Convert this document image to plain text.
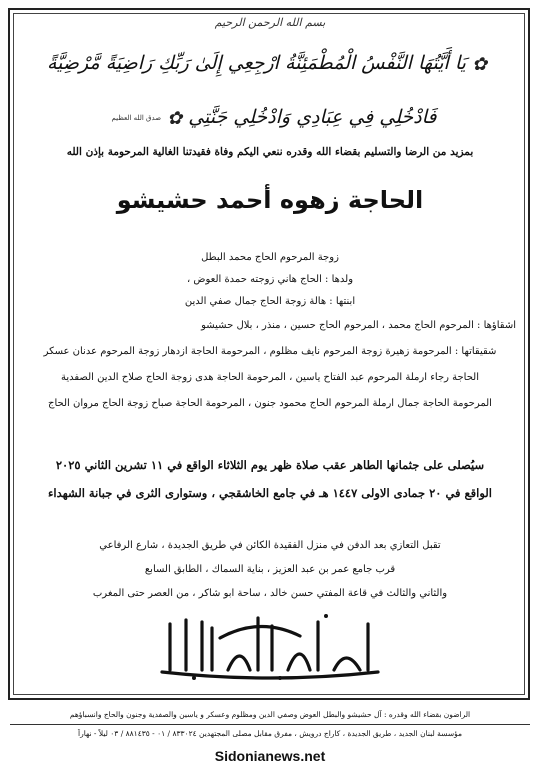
بسم الله الرحمن الرحيم
✿يَا أَيَّتُهَا النَّفْسُ الْمُطْمَئِنَّةُ ارْجِعِي إِلَىٰ رَبِّكِ رَاضِيَةً مَّرْضِيَّةً
فَادْخُلِي فِي عِبَادِي وَادْخُلِي جَنَّتِي✿صدق الله العظيم
بمزيد من الرضا والتسليم بقضاء الله وقدره ننعي اليكم وفاة فقيدتنا الغالية المرحومة بإذن الله
الحاجة زهوه أحمد حشيشو
زوجة المرحوم الحاج محمد البطل
ولدها : الحاج هاني زوجته حمدة العوض ،
ابنتها : هالة زوجة الحاج جمال صفي الدين
اشقاؤها : المرحوم الحاج محمد ، المرحوم الحاج حسين ، منذر ، بلال حشيشو
شقيقاتها : المرحومة زهيرة زوجة المرحوم نايف مظلوم ، المرحومة الحاجة ازدهار زوجة المرحوم عدنان عسكر
الحاجة رجاء ارملة المرحوم عبد الفتاح ياسين ، المرحومة الحاجة هدى زوجة الحاج صلاح الدين الصفدية
المرحومة الحاجة جمال ارملة المرحوم الحاج محمود جنون ، المرحومة الحاجة صباح زوجة الحاج مروان الحاج
سيُصلى على جثمانها الطاهر عقب صلاة ظهر يوم الثلاثاء الواقع في ١١ تشرين الثاني ٢٠٢٥
الواقع في ٢٠ جمادى الاولى ١٤٤٧ هـ في جامع الخاشقجي ، وستوارى الثرى في جبانة الشهداء
تقبل التعازي بعد الدفن في منزل الفقيدة الكائن في طريق الجديدة ، شارع الرفاعي
قرب جامع عمر بن عبد العزيز ، بناية السماك ، الطابق السابع
والثاني والثالث في قاعة المفتي حسن خالد ، ساحة ابو شاكر ، من العصر حتى المغرب
الراضون بقضاء الله وقدره : آل حشيشو والبطل العوض وصفي الدين ومظلوم وعسكر و ياسين والصفدية وجنون والحاج وانسباؤهم
مؤسسة لبنان الجديد ، طريق الجديدة ، كاراج درويش ، مفرق مقابل مصلى المجتهدين ٨٣٣٠٢٤ / ٠١ - ٨٨١٤٣٥ / ٠٣ ليلاً - نهاراً
Sidonianews.net
